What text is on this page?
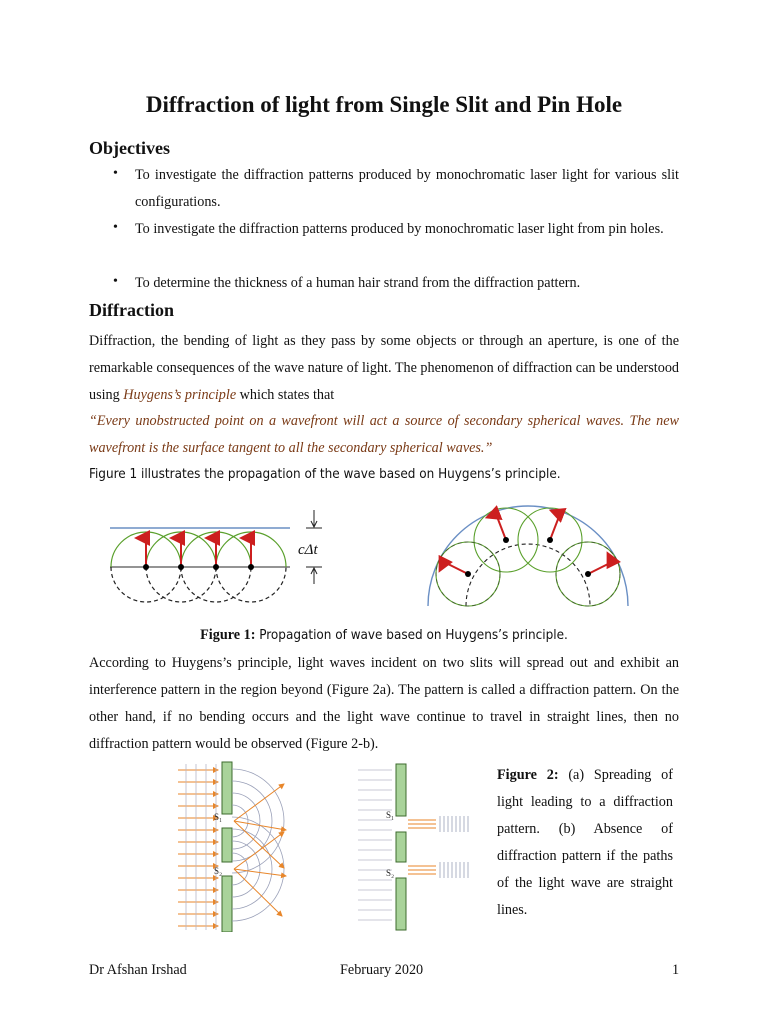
Diffraction of light from Single Slit and Pin Hole
Objectives
• To investigate the diffraction patterns produced by monochromatic laser light for various slit configurations.
• To investigate the diffraction patterns produced by monochromatic laser light from pin holes.
• To determine the thickness of a human hair strand from the diffraction pattern.
Diffraction
Diffraction, the bending of light as they pass by some objects or through an aperture, is one of the remarkable consequences of the wave nature of light. The phenomenon of diffraction can be understood using Huygens’s principle which states that
“Every unobstructed point on a wavefront will act a source of secondary spherical waves. The new wavefront is the surface tangent to all the secondary spherical waves.”
Figure 1 illustrates the propagation of the wave based on Huygens’s principle.
cΔt
Figure 1: Propagation of wave based on Huygens’s principle.
According to Huygens’s principle, light waves incident on two slits will spread out and exhibit an interference pattern in the region beyond (Figure 2a). The pattern is called a diffraction pattern. On the other hand, if no bending occurs and the light wave continue to travel in straight lines, then no diffraction pattern would be observed (Figure 2-b).
S₁
S₂
S₁
S₂
Figure 2: (a) Spreading of light leading to a diffraction pattern. (b) Absence of diffraction pattern if the paths of the light wave are straight lines.
Dr Afshan Irshad	February 2020	1
